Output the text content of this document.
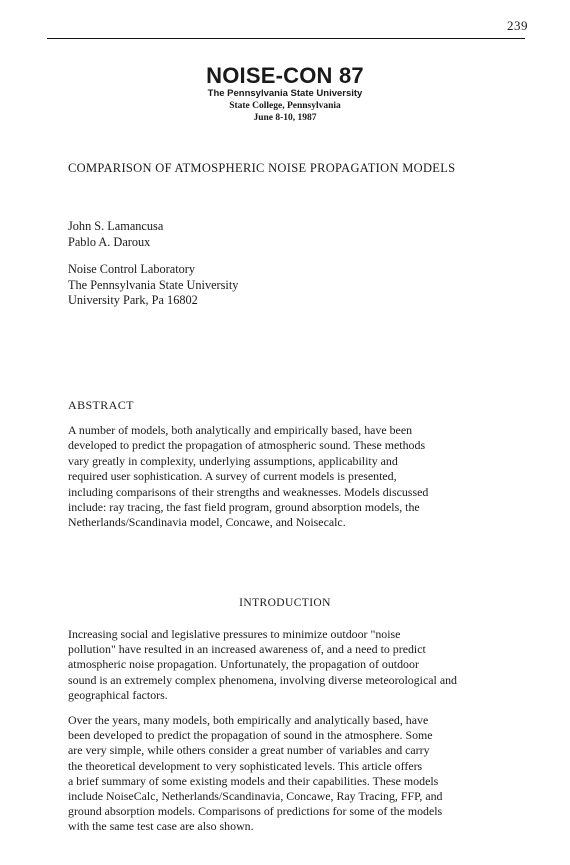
239
NOISE-CON 87
The Pennsylvania State University
State College, Pennsylvania
June 8-10, 1987
COMPARISON OF ATMOSPHERIC NOISE PROPAGATION MODELS
John S. Lamancusa
Pablo A. Daroux
Noise Control Laboratory
The Pennsylvania State University
University Park, Pa 16802
ABSTRACT
A number of models, both analytically and empirically based, have been
developed to predict the propagation of atmospheric sound. These methods
vary greatly in complexity, underlying assumptions, applicability and
required user sophistication. A survey of current models is presented,
including comparisons of their strengths and weaknesses. Models discussed
include: ray tracing, the fast field program, ground absorption models, the
Netherlands/Scandinavia model, Concawe, and Noisecalc.
INTRODUCTION
Increasing social and legislative pressures to minimize outdoor "noise
pollution" have resulted in an increased awareness of, and a need to predict
atmospheric noise propagation. Unfortunately, the propagation of outdoor
sound is an extremely complex phenomena, involving diverse meteorological and
geographical factors.
Over the years, many models, both empirically and analytically based, have
been developed to predict the propagation of sound in the atmosphere. Some
are very simple, while others consider a great number of variables and carry
the theoretical development to very sophisticated levels. This article offers
a brief summary of some existing models and their capabilities. These models
include NoiseCalc, Netherlands/Scandinavia, Concawe, Ray Tracing, FFP, and
ground absorption models. Comparisons of predictions for some of the models
with the same test case are also shown.
